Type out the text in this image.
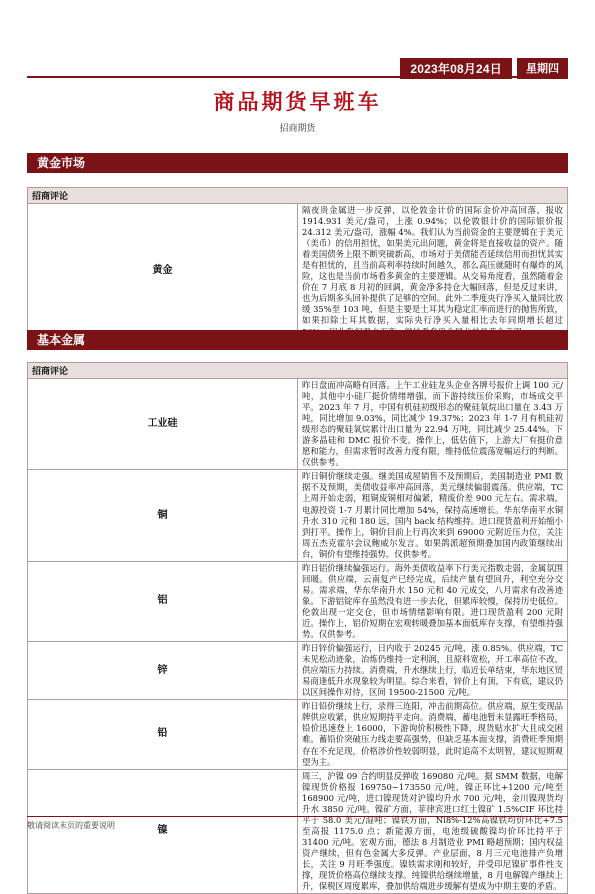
2023年08月24日	星期四
商品期货早班车
招商期货
黄金市场
招商评论
黄金	隔夜贵金属进一步反弹，以伦敦金计价的国际金价冲高回落，报收 1914.931 美元/盎司，上涨 0.94%；以伦敦银计价的国际银价报 24.312 美元/盎司，涨幅 4%。我们认为当前资金的主要逻辑在于美元（美币）的信用担忧，如果美元出问题，黄金将是直接收益的资产。随着美国债务上限不断突破新高，市场对于美债能否延续信用而担忧其实是有担忧的，且当前高利率持续时间越久，那么高压就随时有爆炸的风险，这也是当前市场看多黄金的主要逻辑。从交易角度看，虽然随着金价在 7 月底 8 月初的回调，黄金净多持仓大幅回落，但是反过来讲，也为后期多头回补提供了足够的空间。此外二季度央行净买入量同比放缓 35%至 103 吨，但是主要是土耳其为稳定汇率而进行的抛售所致，如果扣除土耳其数据，实际央行净买入量相比去年同期增长超过
基本金属
招商评论	
工业硅	昨日盘面冲高略有回落。上午工业硅龙头企业各牌号报价上调 100 元/吨，其他中小硅厂挺价情绪增强，而下游持续压价采购，市场成交平平。2023 年 7 月，中国有机硅初级形态的聚硅氧烷出口量在 3.43 万吨，同比增加 9.03%，同比减少 19.37%；2023 年 1-7 月有机硅初级形态的聚硅氧烷累计出口量为 22.94 万吨，同比减少 25.44%。下游多晶硅和 DMC 报价不变。操作上，低估值下，上游大厂有挺价意愿和能力，但需求暂时改善力度有限，维持低位震荡宽幅运行的判断。仅供参考。
铜	昨日铜价继续走强。继美国成屋销售不及预期后，美国制造业 PMI 数据不及预期，美债收益率冲高回落，美元继续偏弱震荡。供应端，TC 上周开始走弱，粗铜废铜相对偏紧，精废价差 900 元左右。需求端，电源投资 1-7 月累计同比增加 54%，保持高速增长。华东华南平水铜升水 310 元和 180 远，国内 back 结构维持。进口现货盈利开始缩小到打平。操作上，铜价目前上行再次来到 69000 元附近压力位，关注周五杰克霍尔会议鲍威尔发言。如果鸽派超预期叠加国内政策继续出台，铜价有望维持强势。仅供参考。
铝	昨日铝价继续偏强运行。海外美债收益率下行美元指数走弱，金属氛围回暖。供应端，云南复产已经完成，后续产量有望回升，利空充分交易。需求端，华东华南升水 150 元和 40 元成交，八月需求有改善迹象。下游铝锭库存虽然没有进一步去化，但累库较慢，保持历史低位。伦敦出现一定交仓，但市场情绪影响有限。进口现货盈利 200 元附近。操作上，铝价短期在宏观转暖叠加基本面低库存支撑，有望维持强势。仅供参考。
锌	昨日锌价偏强运行，日内收于 20245 元/吨，涨 0.85%。供应端，TC 未见松动迹象，冶炼仍维持一定利润，且原料宽松，开工率高位不改，供应端压力持续。消费端，升水继续上行，临近长单结束，华东地区贸易商逢低升水现象较为明显。综合来看，锌价上有顶，下有底，建议仍以区间操作对待，区间 19500-21500 元/吨。
铅	昨日铅价继续上行，录得三连阳，冲击前期高位。供应端，原生变现品牌供应收紧，供应短期持平走向。消费端，蓄电池暂未显露旺季格局，铅价迅速登上 16000，下游询价积极性下降，现货贴水扩大且成交困难。蓄铅价突破压力线走要高强势，但缺乏基本面支撑，消费旺季预期存在不充足现，价格涉价性较弱明显，此时追高不太明智，建议短期观望为主。
镍	周三，沪镍 09 合约明显反弹收 169080 元/吨。据 SMM 数据，电解镍现货价格报 169750~173550 元/吨，镍正环比+1200 元/吨至 168900 元/吨，进口镍现货对沪镍均升水 700 元/吨，金川镍现货均升水 3850 元/吨。镍矿方面，菲律宾进口红土镍矿 1.5%CIF 环比持平于 58.0 美元/湿吨；镍铁方面，Ni8%-12%高镍铁均价环比+7.5 至高报 1175.0 点；新能源方面，电池级硫酸镍均价环比持平于 31400 元/吨。宏观方面，德法 8 月制造业 PMI 略超预期；国内权益资产继续，但有色金属大多反弹。产业层面，8 月三元电池排产负增长，关注 9 月旺季强度。镍铁需求刚和较好，并受印尼镍矿事件性支撑，现货价格高位继续支撑。纯镍供给继续增量，8 月电解镍产继续上升，保税区周度累库，叠加供给端进步缓解有望成为中期主要的矛盾。
敬请阅读末页的重要说明
